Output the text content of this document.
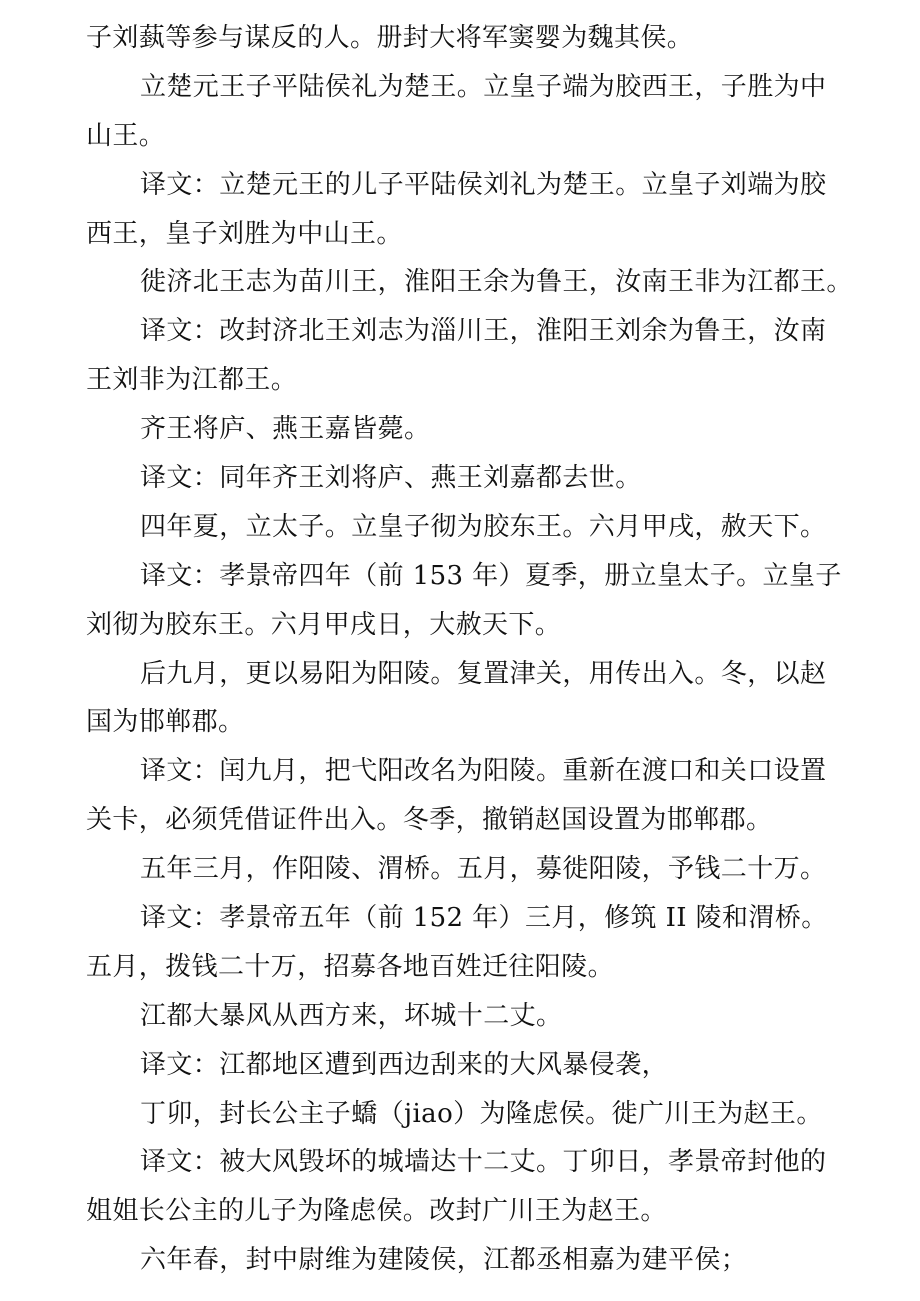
子刘蓺等参与谋反的人。册封大将军窦婴为魏其侯。
立楚元王子平陆侯礼为楚王。立皇子端为胶西王，子胜为中
山王。
译文：立楚元王的儿子平陆侯刘礼为楚王。立皇子刘端为胶
西王，皇子刘胜为中山王。
徙济北王志为苗川王，淮阳王余为鲁王，汝南王非为江都王。
译文：改封济北王刘志为淄川王，淮阳王刘余为鲁王，汝南
王刘非为江都王。
齐王将庐、燕王嘉皆薨。
译文：同年齐王刘将庐、燕王刘嘉都去世。
四年夏，立太子。立皇子彻为胶东王。六月甲戌，赦天下。
译文：孝景帝四年（前 153 年）夏季，册立皇太子。立皇子
刘彻为胶东王。六月甲戌日，大赦天下。
后九月，更以易阳为阳陵。复置津关，用传出入。冬，以赵
国为邯郸郡。
译文：闰九月，把弋阳改名为阳陵。重新在渡口和关口设置
关卡，必须凭借证件出入。冬季，撤销赵国设置为邯郸郡。
五年三月，作阳陵、渭桥。五月，募徙阳陵，予钱二十万。
译文：孝景帝五年（前 152 年）三月，修筑 II 陵和渭桥。
五月，拨钱二十万，招募各地百姓迁往阳陵。
江都大暴风从西方来，坏城十二丈。
译文：江都地区遭到西边刮来的大风暴侵袭，
丁卯，封长公主子蟜（jiao）为隆虑侯。徙广川王为赵王。
译文：被大风毁坏的城墙达十二丈。丁卯日，孝景帝封他的
姐姐长公主的儿子为隆虑侯。改封广川王为赵王。
六年春，封中尉维为建陵侯，江都丞相嘉为建平侯；
